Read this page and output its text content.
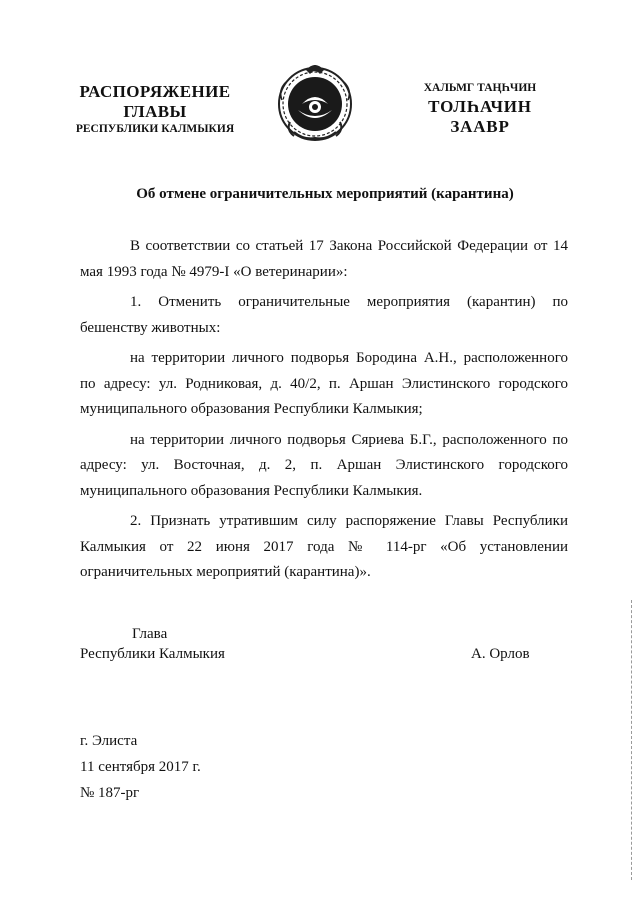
РАСПОРЯЖЕНИЕ
ГЛАВЫ
РЕСПУБЛИКИ КАЛМЫКИЯ
ХАЛЬМГ ТАҢҺЧИН
ТОЛҺАЧИН
ЗААВР
Об отмене ограничительных мероприятий (карантина)

В соответствии со статьей 17 Закона Российской Федерации от 14 мая 1993 года № 4979-I «О ветеринарии»:

1. Отменить ограничительные мероприятия (карантин) по бешенству животных:

на территории личного подворья Бородина А.Н., расположенного по адресу: ул. Родниковая, д. 40/2, п. Аршан Элистинского городского муниципального образования Республики Калмыкия;

на территории личного подворья Сяриева Б.Г., расположенного по адресу: ул. Восточная, д. 2, п. Аршан Элистинского городского муниципального образования Республики Калмыкия.

2. Признать утратившим силу распоряжение Главы Республики Калмыкия от 22 июня 2017 года № 114-рг «Об установлении ограничительных мероприятий (карантина)».

Глава
Республики Калмыкия	А. Орлов
г. Элиста
11 сентября 2017 г.
№ 187-рг
